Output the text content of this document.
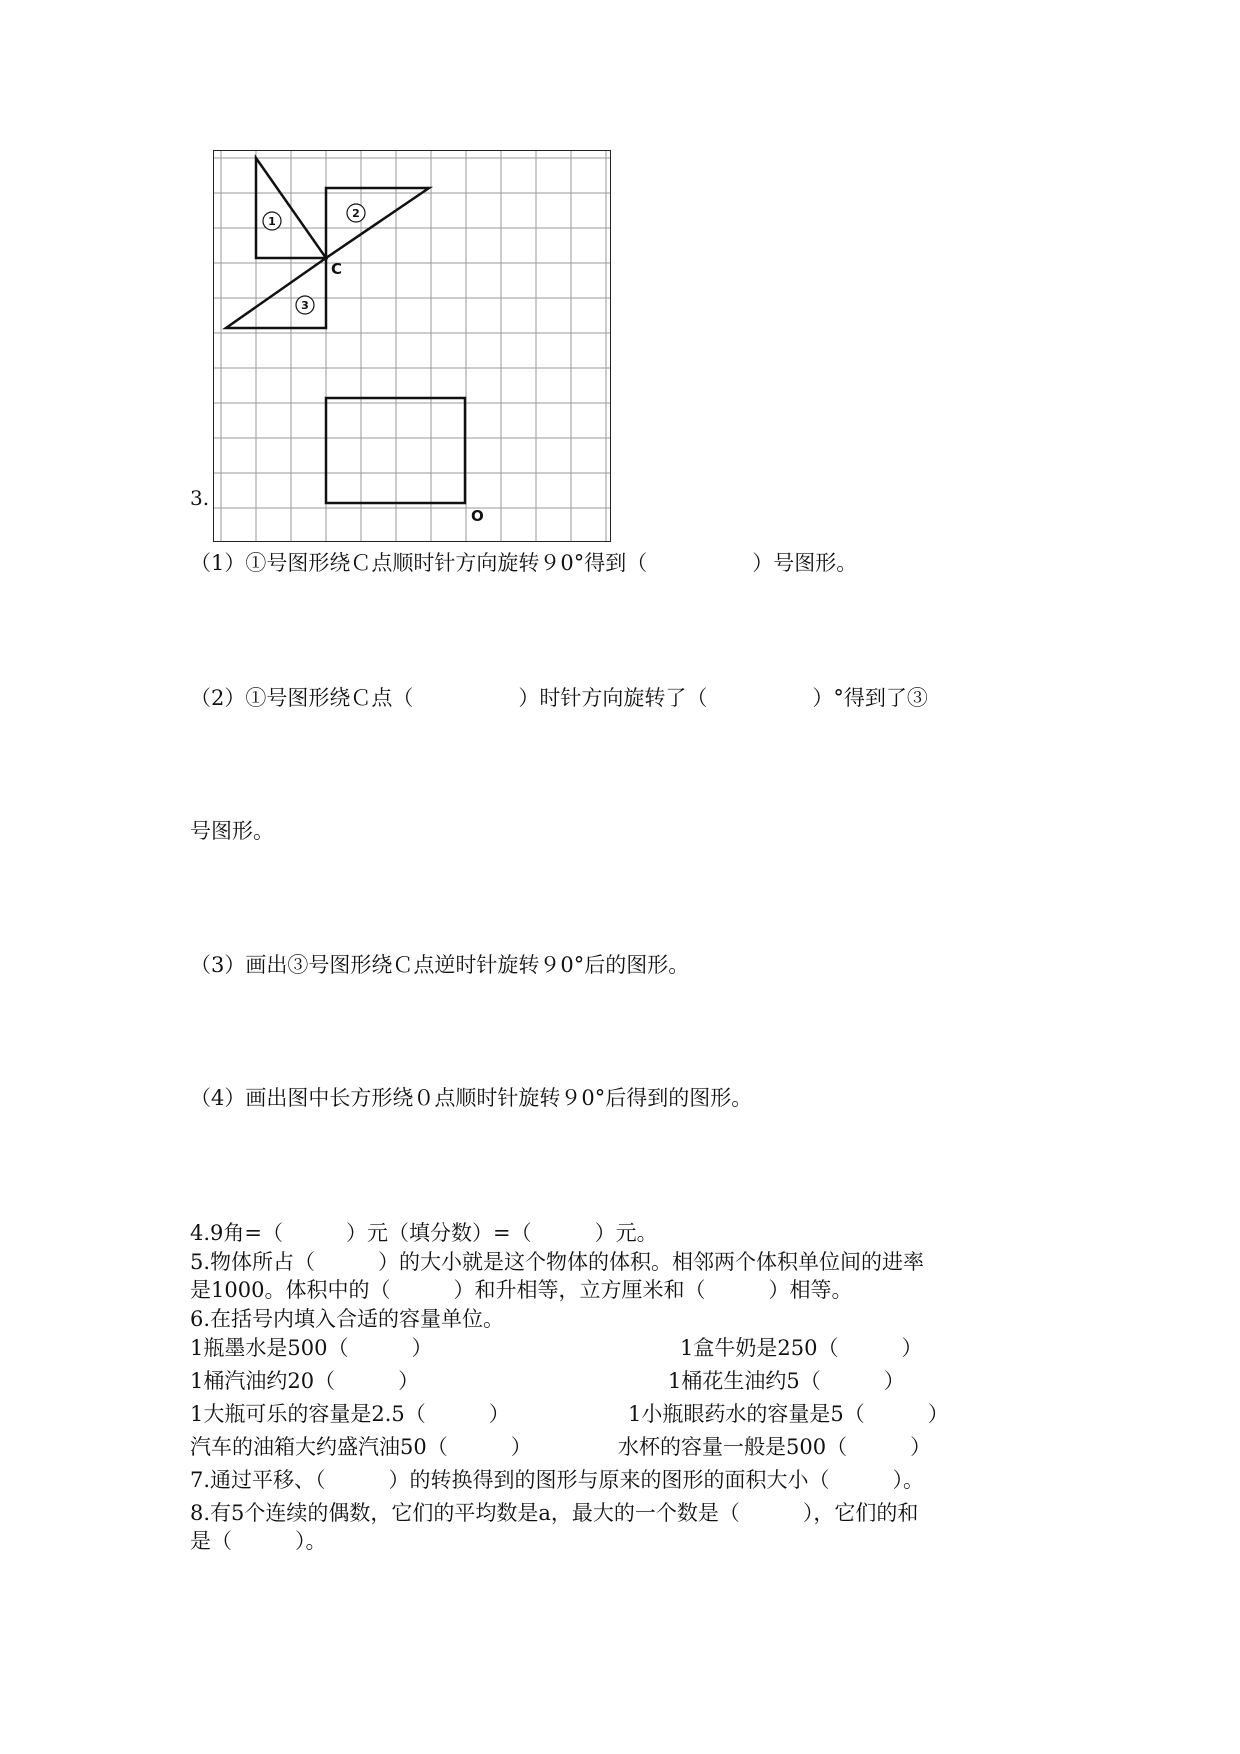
3.
1
2
3
C
O
（1）①号图形绕Ｃ点顺时针方向旋转９0°得到（　　　　　）号图形。
（2）①号图形绕Ｃ点（　　　　　）时针方向旋转了（　　　　　）°得到了③
号图形。
（3）画出③号图形绕Ｃ点逆时针旋转９0°后的图形。
（4）画出图中长方形绕０点顺时针旋转９0°后得到的图形。
4.9角=（　　　）元（填分数）=（　　　）元。
5.物体所占（　　　）的大小就是这个物体的体积。相邻两个体积单位间的进率
是1000。体积中的（　　　）和升相等，立方厘米和（　　　）相等。
6.在括号内填入合适的容量单位。
1瓶墨水是500（　　　）	1盒牛奶是250（　　　）
1桶汽油约20（　　　）	1桶花生油约5（　　　）
1大瓶可乐的容量是2.5（　　　）	1小瓶眼药水的容量是5（　　　）
汽车的油箱大约盛汽油50（　　　）	水杯的容量一般是500（　　　）
7.通过平移、（　　　）的转换得到的图形与原来的图形的面积大小（　　　）。
8.有5个连续的偶数，它们的平均数是a，最大的一个数是（　　　），它们的和
是（　　　）。
